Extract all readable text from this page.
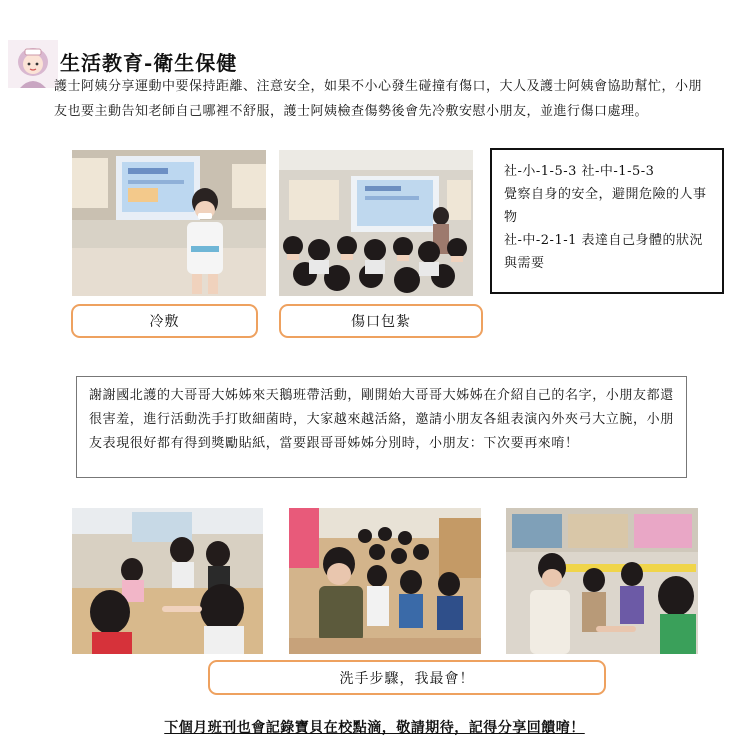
生活教育-衛生保健
護士阿姨分享運動中要保持距離、注意安全，如果不小心發生碰撞有傷口，大人及護士阿姨會協助幫忙，小朋友也要主動告知老師自己哪裡不舒服，護士阿姨檢查傷勢後會先冷敷安慰小朋友，並進行傷口處理。
社-小-1-5-3 社-中-1-5-3
覺察自身的安全，避開危險的人事物
社-中-2-1-1 表達自己身體的狀況與需要
冷敷	傷口包紮
謝謝國北護的大哥哥大姊姊來天鵝班帶活動，剛開始大哥哥大姊姊在介紹自己的名字，小朋友都還很害羞，進行活動洗手打敗細菌時，大家越來越活絡，邀請小朋友各組表演內外夾弓大立腕，小朋友表現很好都有得到獎勵貼紙，當要跟哥哥姊姊分別時，小朋友：下次要再來唷！
洗手步驟，我最會！
下個月班刊也會記錄寶貝在校點滴，敬請期待，記得分享回饋唷！
